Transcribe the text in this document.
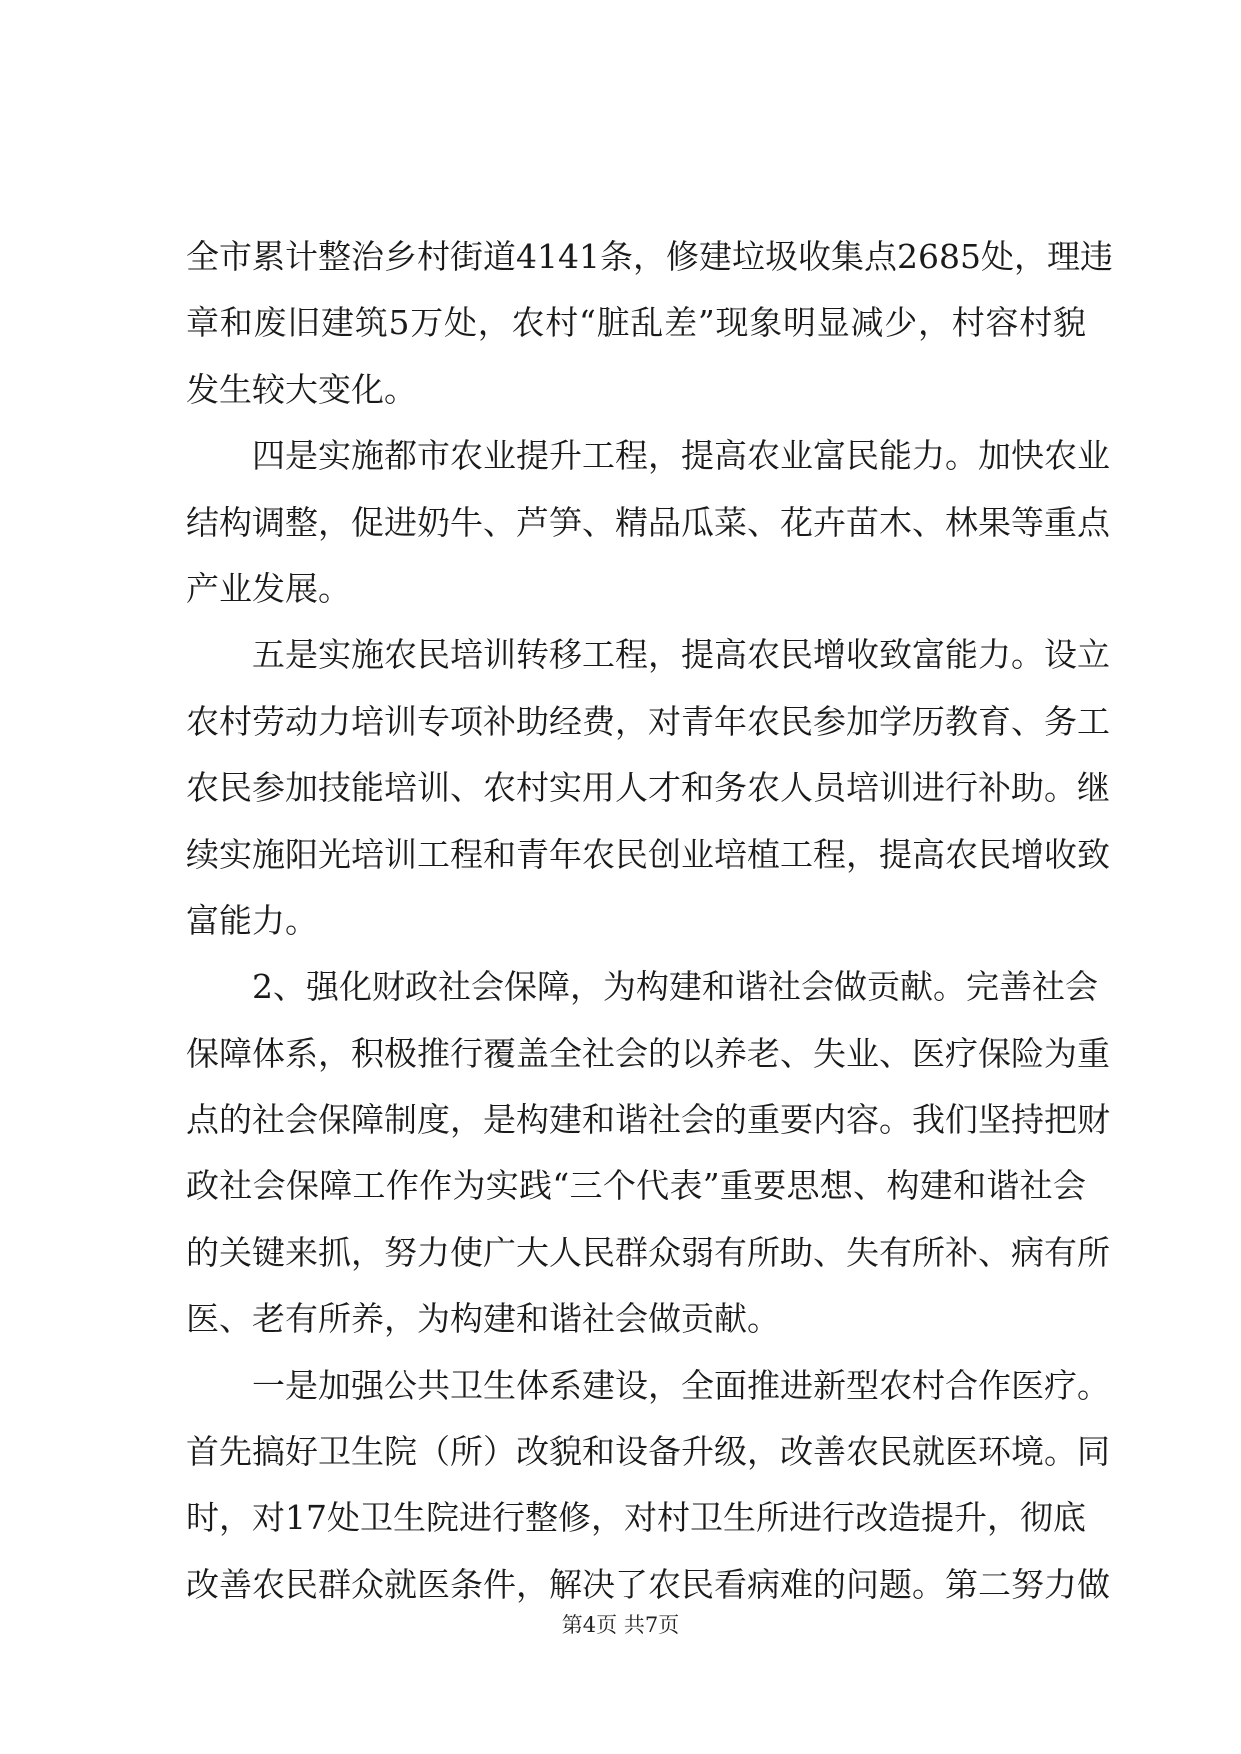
全市累计整治乡村街道4141条，修建垃圾收集点2685处，理违
章和废旧建筑5万处，农村“脏乱差”现象明显减少，村容村貌
发生较大变化。
　　四是实施都市农业提升工程，提高农业富民能力。加快农业
结构调整，促进奶牛、芦笋、精品瓜菜、花卉苗木、林果等重点
产业发展。
　　五是实施农民培训转移工程，提高农民增收致富能力。设立
农村劳动力培训专项补助经费，对青年农民参加学历教育、务工
农民参加技能培训、农村实用人才和务农人员培训进行补助。继
续实施阳光培训工程和青年农民创业培植工程，提高农民增收致
富能力。
　　2、强化财政社会保障，为构建和谐社会做贡献。完善社会
保障体系，积极推行覆盖全社会的以养老、失业、医疗保险为重
点的社会保障制度，是构建和谐社会的重要内容。我们坚持把财
政社会保障工作作为实践“三个代表”重要思想、构建和谐社会
的关键来抓，努力使广大人民群众弱有所助、失有所补、病有所
医、老有所养，为构建和谐社会做贡献。
　　一是加强公共卫生体系建设，全面推进新型农村合作医疗。
首先搞好卫生院（所）改貌和设备升级，改善农民就医环境。同
时，对17处卫生院进行整修，对村卫生所进行改造提升，彻底
改善农民群众就医条件，解决了农民看病难的问题。第二努力做
第4页 共7页
